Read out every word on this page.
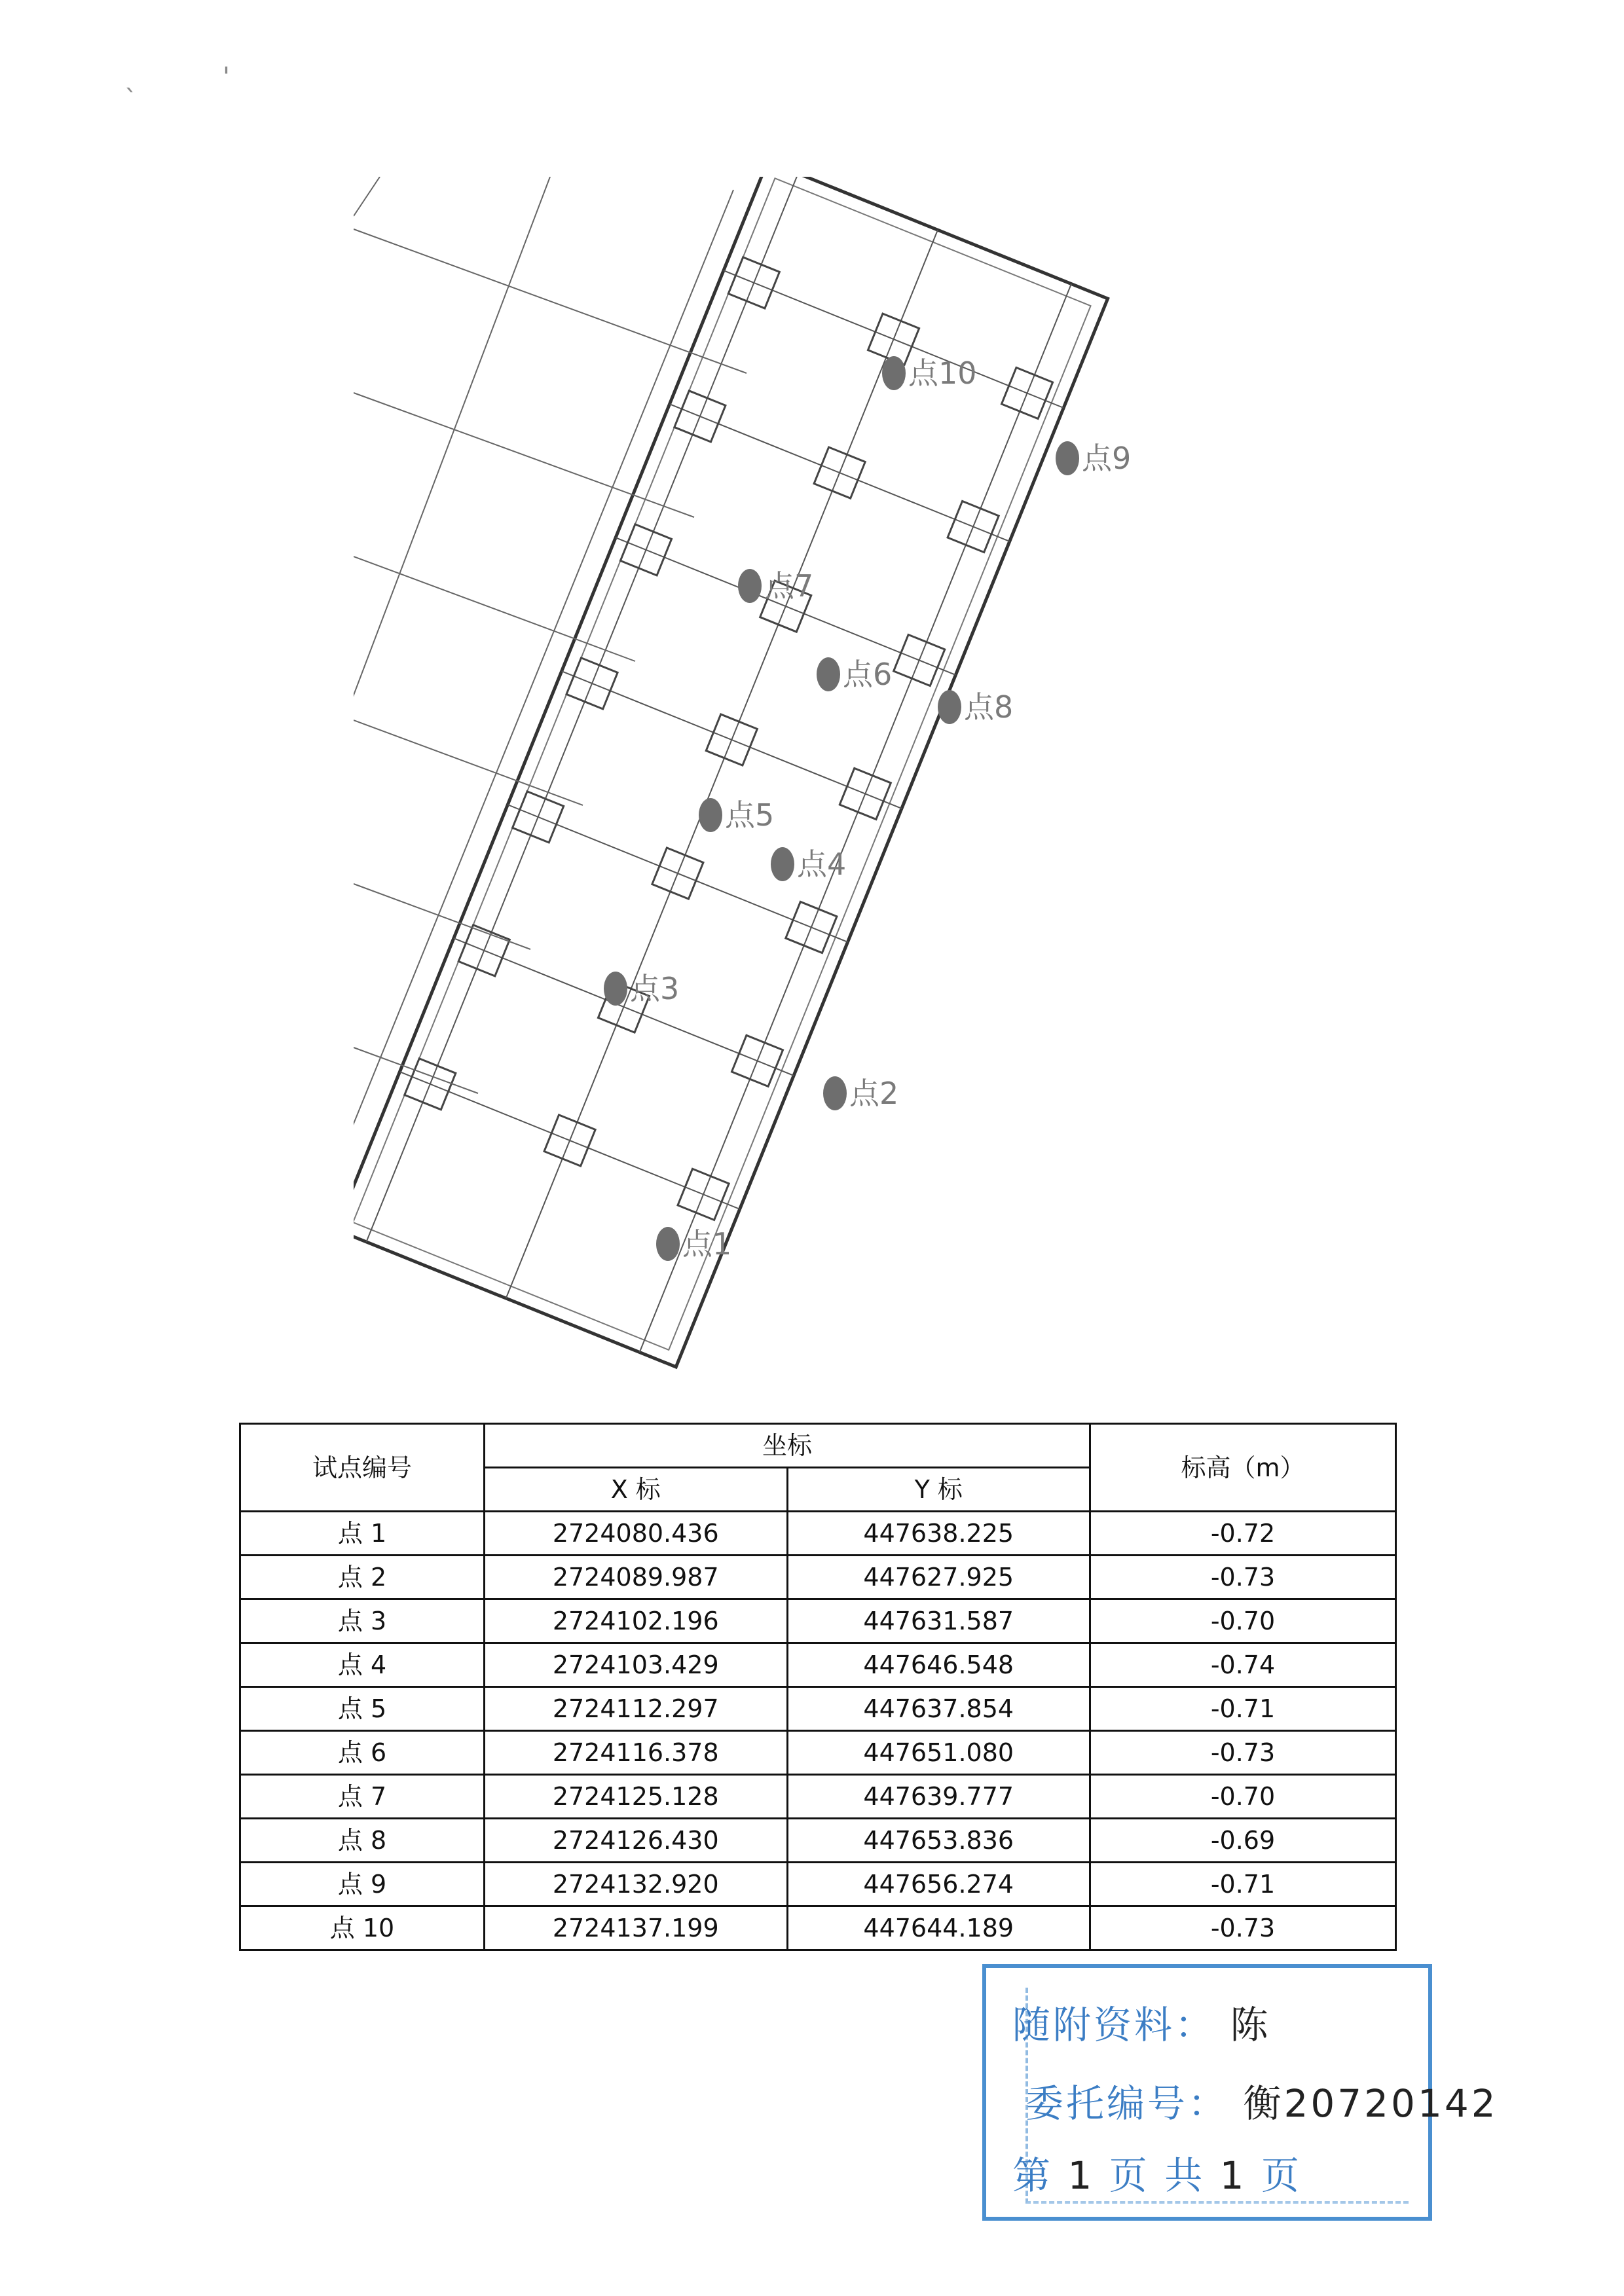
`
'
点1
点2
点3
点4
点5
点6
点7
点8
点9
点10
试点编号	坐标		标高（m）
	X 标	Y 标	
点 1	2724080.436	447638.225	-0.72
点 2	2724089.987	447627.925	-0.73
点 3	2724102.196	447631.587	-0.70
点 4	2724103.429	447646.548	-0.74
点 5	2724112.297	447637.854	-0.71
点 6	2724116.378	447651.080	-0.73
点 7	2724125.128	447639.777	-0.70
点 8	2724126.430	447653.836	-0.69
点 9	2724132.920	447656.274	-0.71
点 10	2724137.199	447644.189	-0.73
随附资料： 陈
委托编号： 衡20720142
第 1 页 共 1 页
